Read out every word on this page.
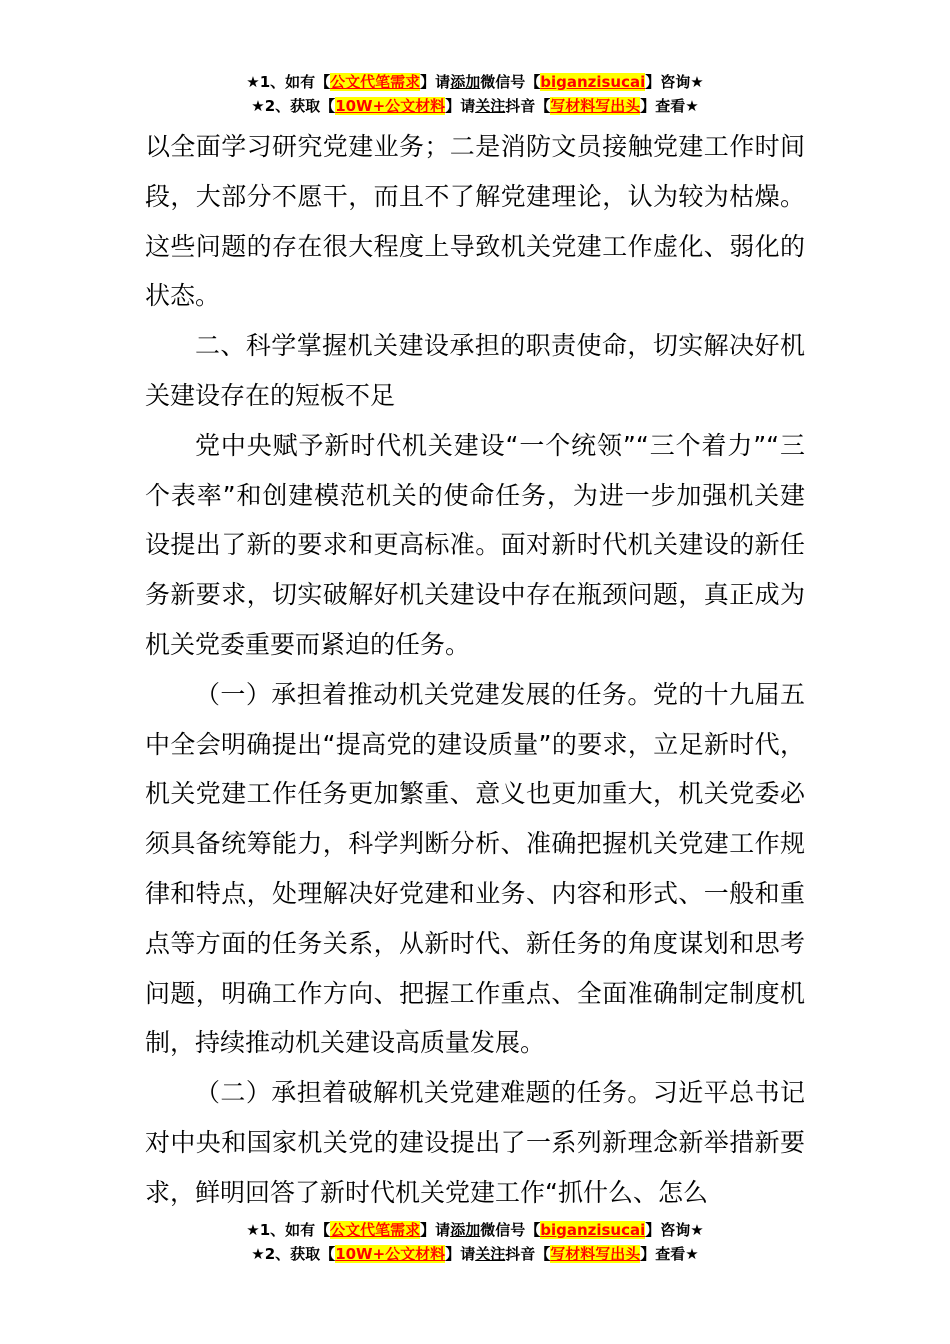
★1、如有【公文代笔需求】请添加微信号【biganzisucai】咨询★
★2、获取【10W+公文材料】请关注抖音【写材料写出头】查看★

以全面学习研究党建业务；二是消防文员接触党建工作时间段，大部分不愿干，而且不了解党建理论，认为较为枯燥。这些问题的存在很大程度上导致机关党建工作虚化、弱化的状态。

二、科学掌握机关建设承担的职责使命，切实解决好机关建设存在的短板不足

党中央赋予新时代机关建设“一个统领”“三个着力”“三个表率”和创建模范机关的使命任务，为进一步加强机关建设提出了新的要求和更高标准。面对新时代机关建设的新任务新要求，切实破解好机关建设中存在瓶颈问题，真正成为机关党委重要而紧迫的任务。

（一）承担着推动机关党建发展的任务。党的十九届五中全会明确提出“提高党的建设质量”的要求，立足新时代，机关党建工作任务更加繁重、意义也更加重大，机关党委必须具备统筹能力，科学判断分析、准确把握机关党建工作规律和特点，处理解决好党建和业务、内容和形式、一般和重点等方面的任务关系，从新时代、新任务的角度谋划和思考问题，明确工作方向、把握工作重点、全面准确制定制度机制，持续推动机关建设高质量发展。

（二）承担着破解机关党建难题的任务。习近平总书记对中央和国家机关党的建设提出了一系列新理念新举措新要求，鲜明回答了新时代机关党建工作“抓什么、怎么

★1、如有【公文代笔需求】请添加微信号【biganzisucai】咨询★
★2、获取【10W+公文材料】请关注抖音【写材料写出头】查看★
